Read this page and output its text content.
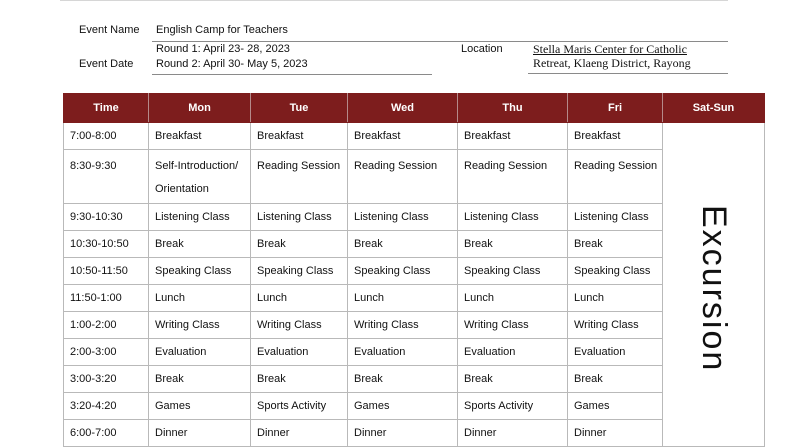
Event Name English Camp for Teachers
Round 1: April 23- 28, 2023
Event Date Round 2: April 30- May 5, 2023
Location	Stella Maris Center for Catholic
Retreat, Klaeng District, Rayong
Time	Mon	Tue	Wed	Thu	Fri	Sat-Sun
7:00-8:00	Breakfast	Breakfast	Breakfast	Breakfast	Breakfast	Excursion

8:30-9:30	Self-Introduction/ Orientation	Reading Session	Reading Session	Reading Session	Reading Session	
9:30-10:30	Listening Class	Listening Class	Listening Class	Listening Class	Listening Class	
10:30-10:50	Break	Break	Break	Break	Break	
10:50-11:50	Speaking Class	Speaking Class	Speaking Class	Speaking Class	Speaking Class	
11:50-1:00	Lunch	Lunch	Lunch	Lunch	Lunch	
1:00-2:00	Writing Class	Writing Class	Writing Class	Writing Class	Writing Class	
2:00-3:00	Evaluation	Evaluation	Evaluation	Evaluation	Evaluation	
3:00-3:20	Break	Break	Break	Break	Break	
3:20-4:20	Games	Sports Activity	Games	Sports Activity	Games	
6:00-7:00	Dinner	Dinner	Dinner	Dinner	Dinner	
